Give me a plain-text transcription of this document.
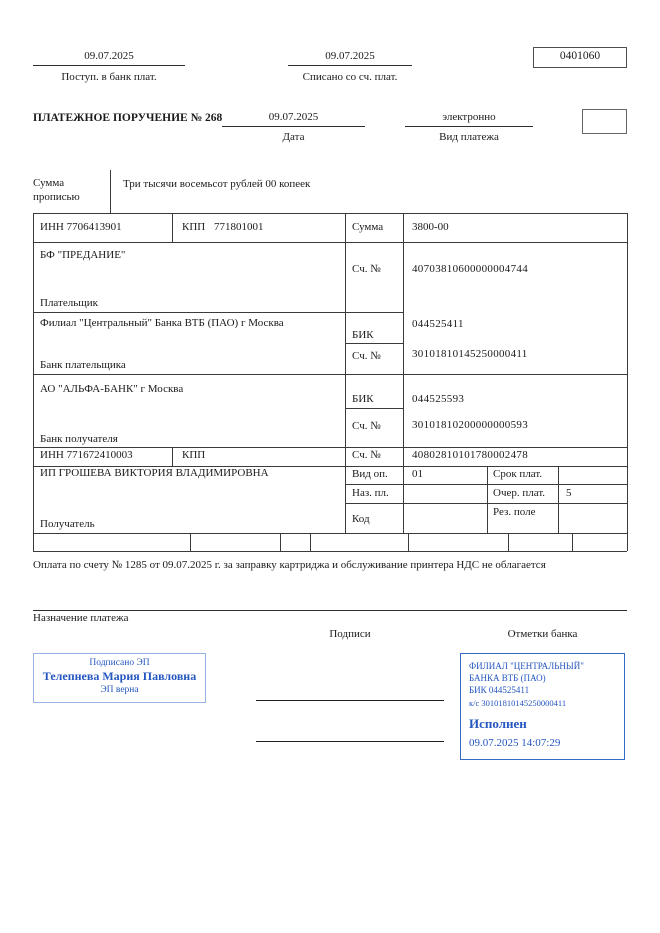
09.07.2025
Поступ. в банк плат.
09.07.2025
Списано со сч. плат.
0401060
ПЛАТЕЖНОЕ ПОРУЧЕНИЕ № 268	09.07.2025
Дата
электронно
Вид платежа
Сумма прописью
Три тысячи восемьсот рублей 00 копеек
ИНН 7706413901	КПП 771801001	Сумма	3800-00
БФ "ПРЕДАНИЕ"
Сч. №	40703810600000004744
Плательщик
Филиал "Центральный" Банка ВТБ (ПАО) г Москва
БИК
044525411
Сч. №	30101810145250000411
Банк плательщика
АО "АЛЬФА-БАНК" г Москва
БИК	044525593
Сч. №	30101810200000000593
Банк получателя
ИНН 771672410003	КПП	Сч. №	40802810101780002478
ИП ГРОШЕВА ВИКТОРИЯ ВЛАДИМИРОВНА
Получатель
Вид оп. 01	Срок плат.
Наз. пл.	Очер. плат. 5
Код
Рез. поле
Оплата по счету № 1285 от 09.07.2025 г. за заправку картриджа и обслуживание принтера НДС не облагается
Назначение платежа
Подписи	Отметки банка
Подписано ЭП
Телепнева Мария Павловна
ЭП верна
ФИЛИАЛ "ЦЕНТРАЛЬНЫЙ" БАНКА ВТБ (ПАО)
БИК 044525411
к/с 30101810145250000411
Исполнен
09.07.2025 14:07:29
